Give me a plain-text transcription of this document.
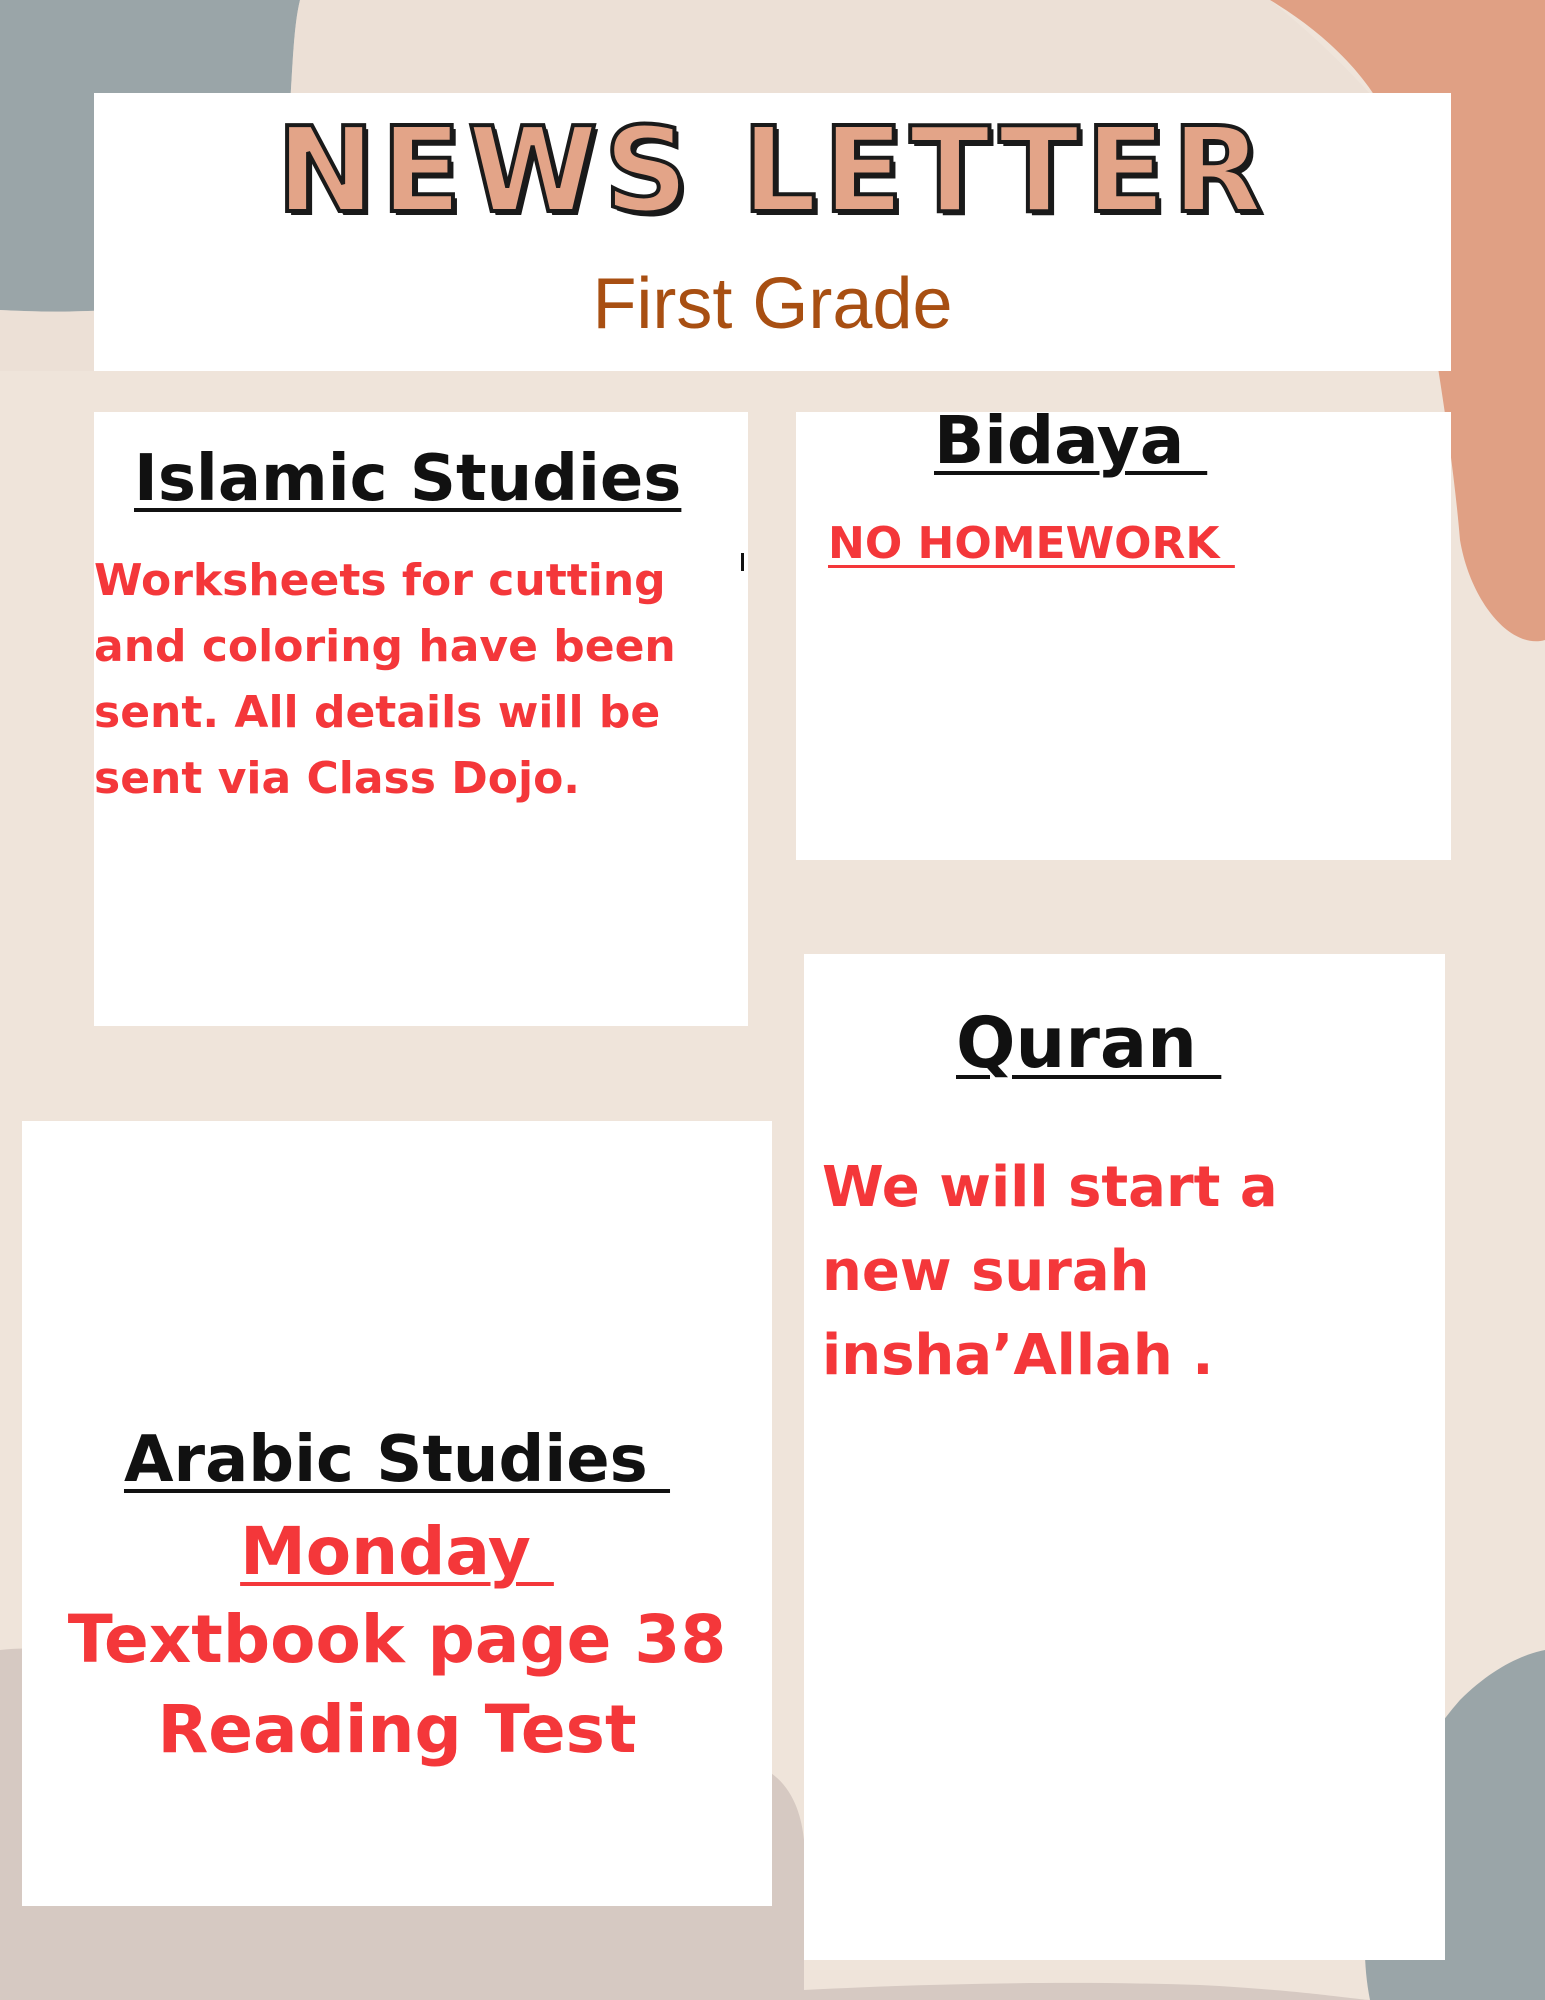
NEWS LETTER
First Grade
Islamic Studies
Worksheets for cutting and coloring have been sent. All details will be sent via Class Dojo.
Bidaya
NO HOMEWORK
Quran
We will start a
new surah
insha’Allah .
Arabic Studies
Monday
Textbook page 38
Reading Test
